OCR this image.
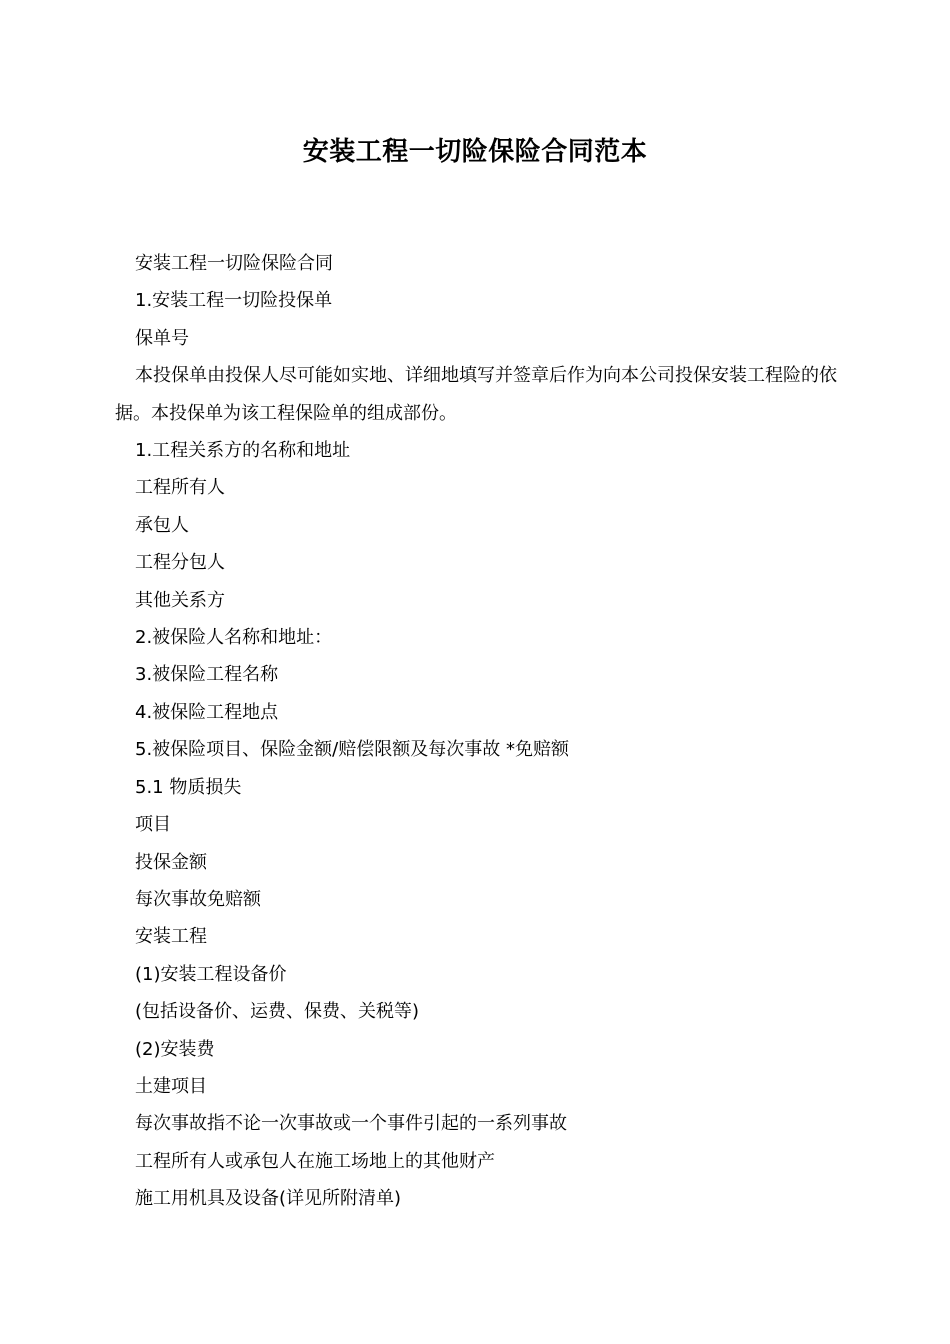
安装工程一切险保险合同范本

安装工程一切险保险合同

1.安装工程一切险投保单

保单号

本投保单由投保人尽可能如实地、详细地填写并签章后作为向本公司投保安装工程险的依据。本投保单为该工程保险单的组成部份。

1.工程关系方的名称和地址

工程所有人

承包人

工程分包人

其他关系方

2.被保险人名称和地址：

3.被保险工程名称

4.被保险工程地点

5.被保险项目、保险金额/赔偿限额及每次事故 *免赔额

5.1 物质损失

项目

投保金额

每次事故免赔额

安装工程

(1)安装工程设备价

(包括设备价、运费、保费、关税等)

(2)安装费

土建项目

每次事故指不论一次事故或一个事件引起的一系列事故

工程所有人或承包人在施工场地上的其他财产

施工用机具及设备(详见所附清单)
